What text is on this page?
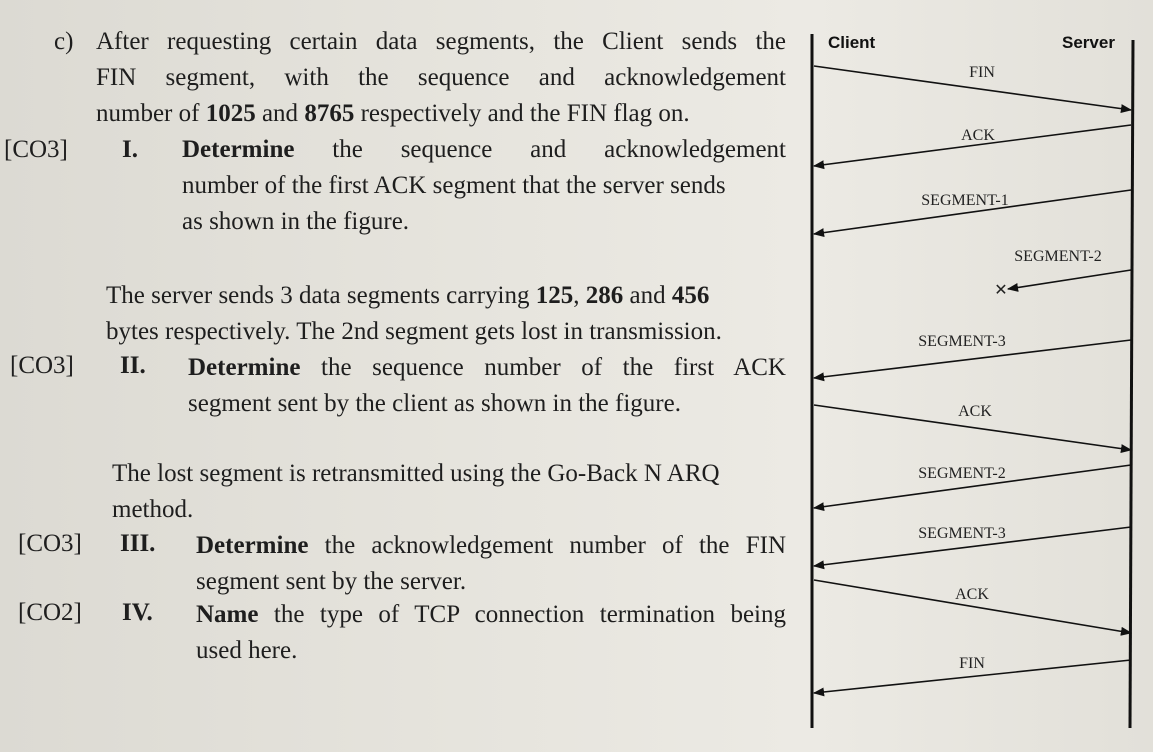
c) After requesting certain data segments, the Client sends the
FIN segment, with the sequence and acknowledgement
number of 1025 and 8765 respectively and the FIN flag on.
[CO3] I. Determine the sequence and acknowledgement
number of the first ACK segment that the server sends
as shown in the figure.
The server sends 3 data segments carrying 125, 286 and 456
bytes respectively. The 2nd segment gets lost in transmission.
[CO3] II. Determine the sequence number of the first ACK
segment sent by the client as shown in the figure.
The lost segment is retransmitted using the Go-Back N ARQ
method.
[CO3] III. Determine the acknowledgement number of the FIN
segment sent by the server.
[CO2] IV. Name the type of TCP connection termination being
used here.
Client	Server
FIN
ACK
SEGMENT-1
SEGMENT-2
✕
SEGMENT-3
ACK
SEGMENT-2
SEGMENT-3
ACK
FIN
